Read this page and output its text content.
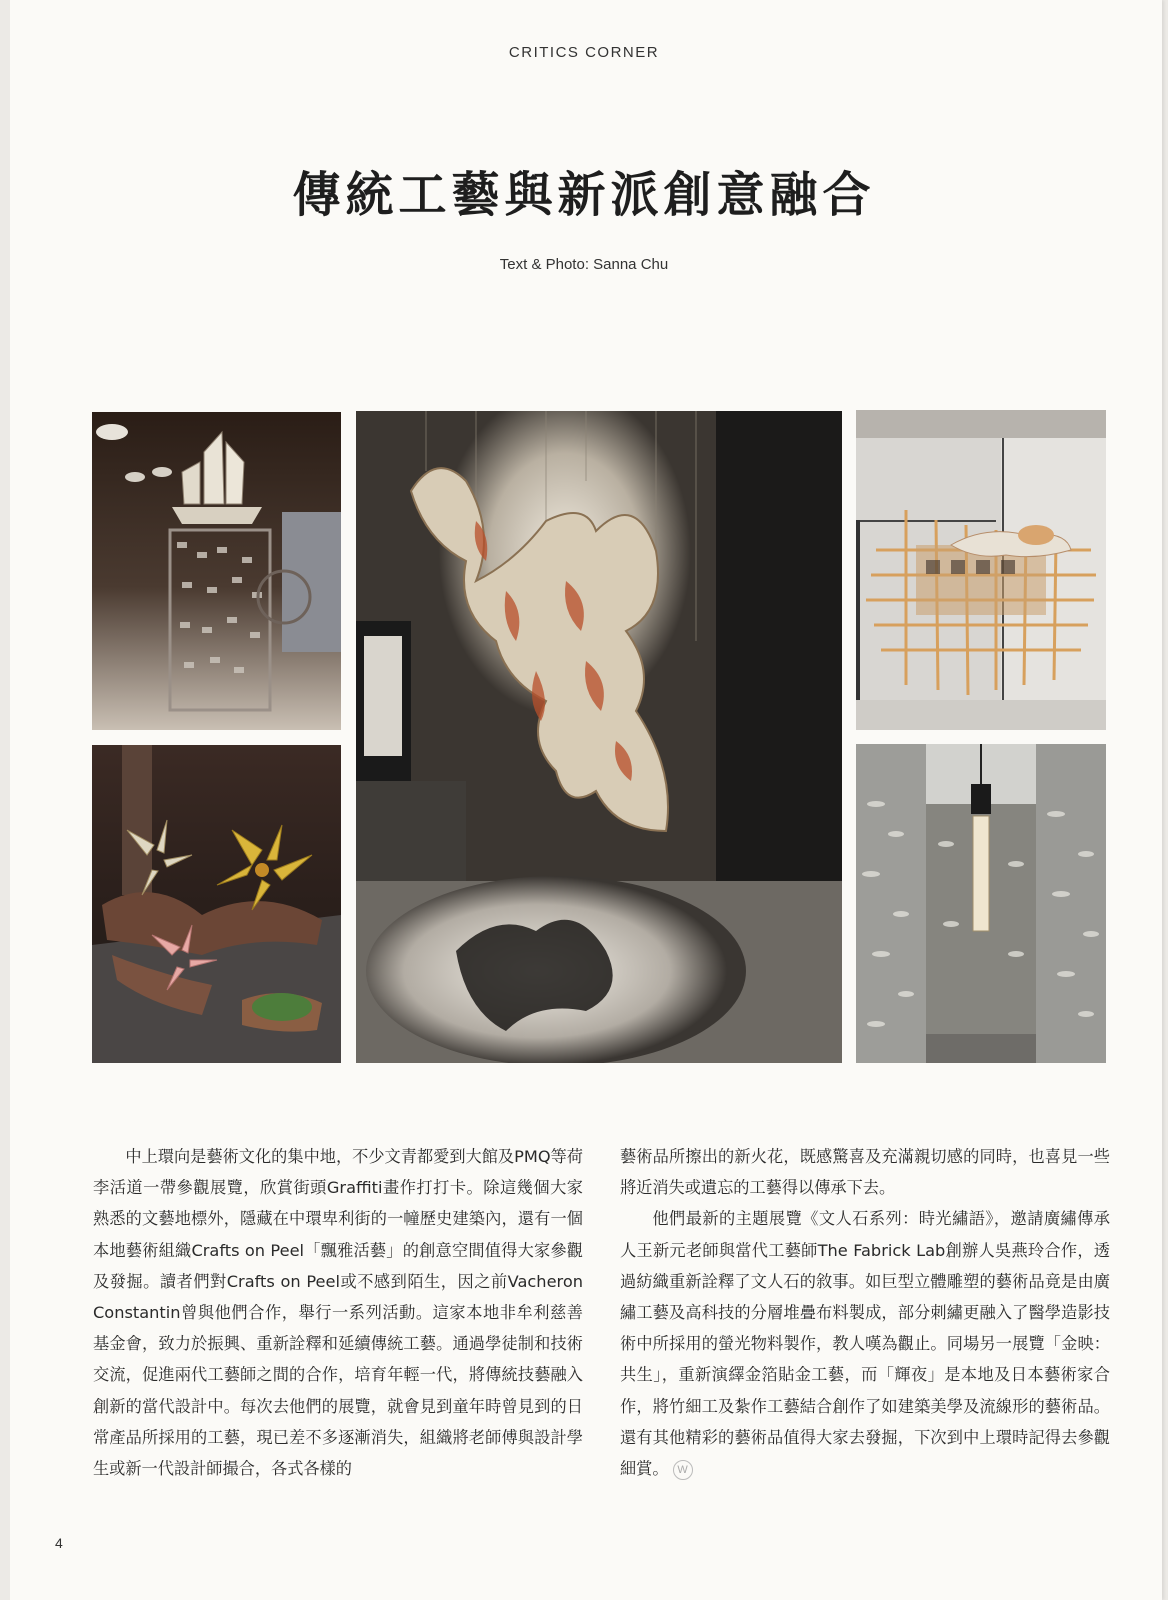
CRITICS CORNER
傳統工藝與新派創意融合
Text & Photo: Sanna Chu

中上環向是藝術文化的集中地，不少文青都愛到大館及PMQ等荷李活道一帶參觀展覽，欣賞街頭Graffiti畫作打打卡。除這幾個大家熟悉的文藝地標外，隱藏在中環卑利街的一幢歷史建築內，還有一個本地藝術組織Crafts on Peel「飄雅活藝」的創意空間值得大家參觀及發掘。讀者們對Crafts on Peel或不感到陌生，因之前Vacheron Constantin曾與他們合作，舉行一系列活動。這家本地非牟利慈善基金會，致力於振興、重新詮釋和延續傳統工藝。通過學徒制和技術交流，促進兩代工藝師之間的合作，培育年輕一代，將傳統技藝融入創新的當代設計中。每次去他們的展覽，就會見到童年時曾見到的日常產品所採用的工藝，現已差不多逐漸消失，組織將老師傅與設計學生或新一代設計師撮合，各式各樣的

藝術品所擦出的新火花，既感驚喜及充滿親切感的同時，也喜見一些將近消失或遺忘的工藝得以傳承下去。

他們最新的主題展覽《文人石系列：時光繡語》，邀請廣繡傳承人王新元老師與當代工藝師The Fabrick Lab創辦人吳燕玲合作，透過紡織重新詮釋了文人石的敘事。如巨型立體雕塑的藝術品竟是由廣繡工藝及高科技的分層堆疊布料製成，部分刺繡更融入了醫學造影技術中所採用的螢光物料製作，教人嘆為觀止。同場另一展覽「金映：共生」，重新演繹金箔貼金工藝，而「輝夜」是本地及日本藝術家合作，將竹細工及紮作工藝結合創作了如建築美學及流線形的藝術品。還有其他精彩的藝術品值得大家去發掘，下次到中上環時記得去參觀細賞。 W

4
